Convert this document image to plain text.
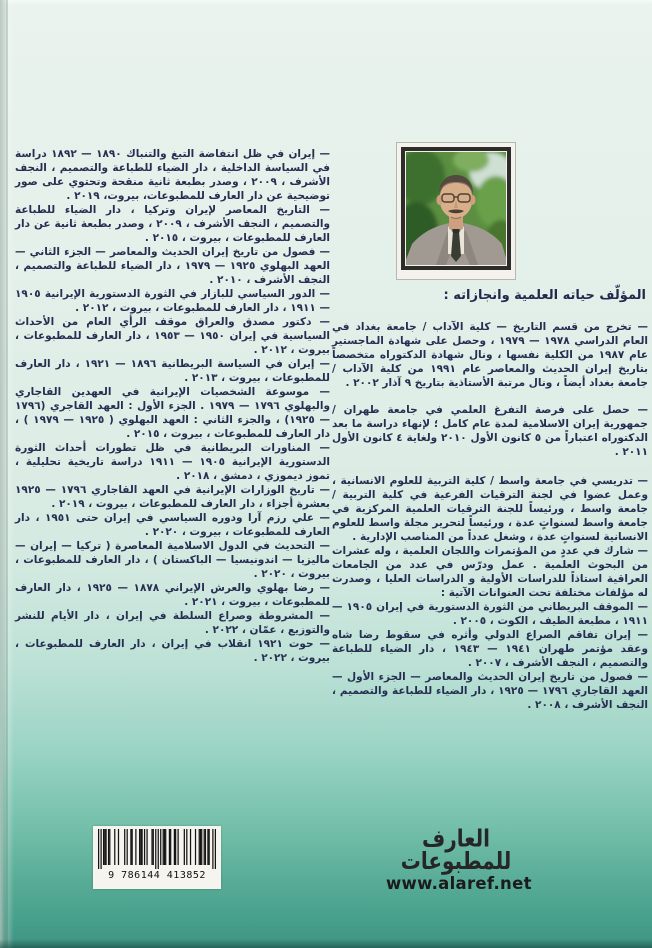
المؤلّف حياته العلمية وانجازاته :

— تخرج من قسم التاريخ — كلية الآداب / جامعة بغداد في العام الدراسي ١٩٧٨ — ١٩٧٩ ، وحصل على شهادة الماجستير عام ١٩٨٧ من الكلية نفسها ، ونال شهادة الدكتوراه متخصصاً بتاريخ إيران الحديث والمعاصر عام ١٩٩١ من كلية الآداب / جامعة بغداد أيضاً ، ونال مرتبة الأستاذية بتاريخ ٩ آذار ٢٠٠٢ .

— حصل على فرصة التفرغ العلمي في جامعة طهران / جمهورية إيران الاسلامية لمدة عام كامل ؛ لإنهاء دراسة ما بعد الدكتوراه اعتباراً من ٥ كانون الأول ٢٠١٠ ولغاية ٤ كانون الأول ٢٠١١ .

— تدريسي في جامعة واسط / كلية التربية للعلوم الانسانية ، وعمل عضوا في لجنة الترقيات الفرعية في كلية التربية / جامعة واسط ، ورئيساً للجنة الترقيات العلمية المركزية في جامعة واسط لسنواتٍ عدة ، ورئيساً لتحرير مجلة واسط للعلوم الانسانية لسنواتٍ عدة ، وشغل عدداً من المناصب الإدارية .

— شارك في عددٍ من المؤتمرات واللجان العلمية ، وله عشرات من البحوث العلمية . عمل ودرّس في عدد من الجامعات العراقية استاذاً للدراسات الأولية و الدراسات العليا ، وصدرت له مؤلفات مختلفة تحت العنوانات الآتية :

— الموقف البريطاني من الثورة الدستورية في إيران ١٩٠٥ — ١٩١١ ، مطبعة الطيف ، الكوت ، ٢٠٠٥ .

— إيران تفاقم الصراع الدولي وأثره في سقوط رضا شاه وعقد مؤتمر طهران ١٩٤١ — ١٩٤٣ ، دار الضياء للطباعة والتصميم ، النجف الأشرف ، ٢٠٠٧ .

— فصول من تاريخ إيران الحديث والمعاصر — الجزء الأول — العهد القاجاري ١٧٩٦ — ١٩٢٥ ، دار الضياء للطباعة والتصميم ، النجف الأشرف ، ٢٠٠٨ .

— إيران في ظل انتفاضة التبغ والتنباك ١٨٩٠ — ١٨٩٢ دراسة في السياسة الداخلية ، دار الضياء للطباعة والتصميم ، النجف الأشرف ، ٢٠٠٩ ، وصدر بطبعة ثانية منقحة وتحتوي على صور توضيحية عن دار العارف للمطبوعات، بيروت، ٢٠١٩ .

— التاريخ المعاصر لإيران وتركيا ، دار الضياء للطباعة والتصميم ، النجف الأشرف ، ٢٠٠٩ ، وصدر بطبعة ثانية عن دار العارف للمطبوعات ، بيروت ، ٢٠١٥ .

— فصول من تاريخ إيران الحديث والمعاصر — الجزء الثاني — العهد البهلوي ١٩٢٥ — ١٩٧٩ ، دار الضياء للطباعة والتصميم ، النجف الأشرف ، ٢٠١٠ .

— الدور السياسي للبازار في الثورة الدستورية الإيرانية ١٩٠٥ — ١٩١١ ، دار العارف للمطبوعات ، بيروت ، ٢٠١٢ .

— دكتور مصدق والعراق موقف الرأي العام من الأحداث السياسية في إيران ١٩٥٠ — ١٩٥٣ ، دار العارف للمطبوعات ، بيروت ، ٢٠١٢ .

— إيران في السياسة البريطانية ١٨٩٦ — ١٩٢١ ، دار العارف للمطبوعات ، بيروت ، ٢٠١٣ .

— موسوعة الشخصيات الإيرانية في العهدين القاجاري والبهلوي ١٧٩٦ — ١٩٧٩ . الجزء الأول : العهد القاجري (١٧٩٦ — ١٩٢٥) ، والجزء الثاني : العهد البهلوي ( ١٩٢٥ — ١٩٧٩ ) ، دار العارف للمطبوعات ، بيروت ، ٢٠١٥ .

— المناورات البريطانية في ظل تطورات أحداث الثورة الدستورية الإيرانية ١٩٠٥ — ١٩١١ دراسة تاريخية تحليلية ، تموز ديموزي ، دمشق ، ٢٠١٨ .

— تاريخ الوزارات الإيرانية في العهد القاجاري ١٧٩٦ — ١٩٢٥ بعشرة أجزاء ، دار العارف للمطبوعات ، بيروت ، ٢٠١٩ .

— علي رزم آرا ودوره السياسي في إيران حتى ١٩٥١ ، دار العارف للمطبوعات ، بيروت ، ٢٠٢٠ .

— التحديث في الدول الاسلامية المعاصرة ( تركيا — إيران — ماليزيا — اندونيسيا — الباكستان ) ، دار العارف للمطبوعات ، بيروت ، ٢٠٢٠ .

— رضا بهلوي والعرش الإيراني ١٨٧٨ — ١٩٢٥ ، دار العارف للمطبوعات ، بيروت ، ٢٠٢١ .

— المشروطة وصراع السلطة في إيران ، دار الأيام للنشر والتوزيع ، عمّان ، ٢٠٢٢ .

— حوت ١٩٢١ انقلاب في إيران ، دار العارف للمطبوعات ، بيروت ، ٢٠٢٢ .

9 786144 413852
العارف للمطبوعات
www.alaref.net
